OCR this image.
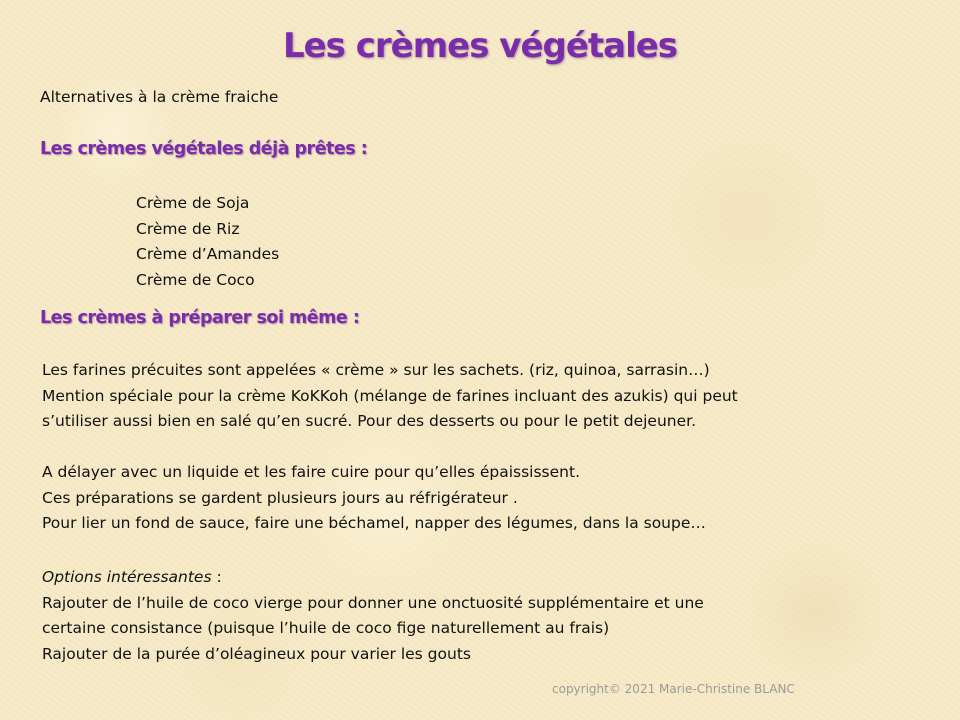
Les crèmes végétales

Alternatives à la crème fraiche

Les crèmes végétales déjà prêtes :
Crème de Soja
Crème de Riz
Crème d’Amandes
Crème de Coco
Les crèmes à préparer soi même :
Les farines précuites sont appelées « crème » sur les sachets. (riz, quinoa, sarrasin…)
Mention spéciale pour la crème KoKKoh (mélange de farines incluant des azukis) qui peut
s’utiliser aussi bien en salé qu’en sucré. Pour des desserts ou pour le petit dejeuner.
A délayer avec un liquide et les faire cuire pour qu’elles épaississent.
Ces préparations se gardent plusieurs jours au réfrigérateur .
Pour lier un fond de sauce, faire une béchamel, napper des légumes, dans la soupe…
Options intéressantes :
Rajouter de l’huile de coco vierge pour donner une onctuosité supplémentaire et une
certaine consistance (puisque l’huile de coco fige naturellement au frais)
Rajouter de la purée d’oléagineux pour varier les gouts

copyright© 2021 Marie-Christine BLANC
